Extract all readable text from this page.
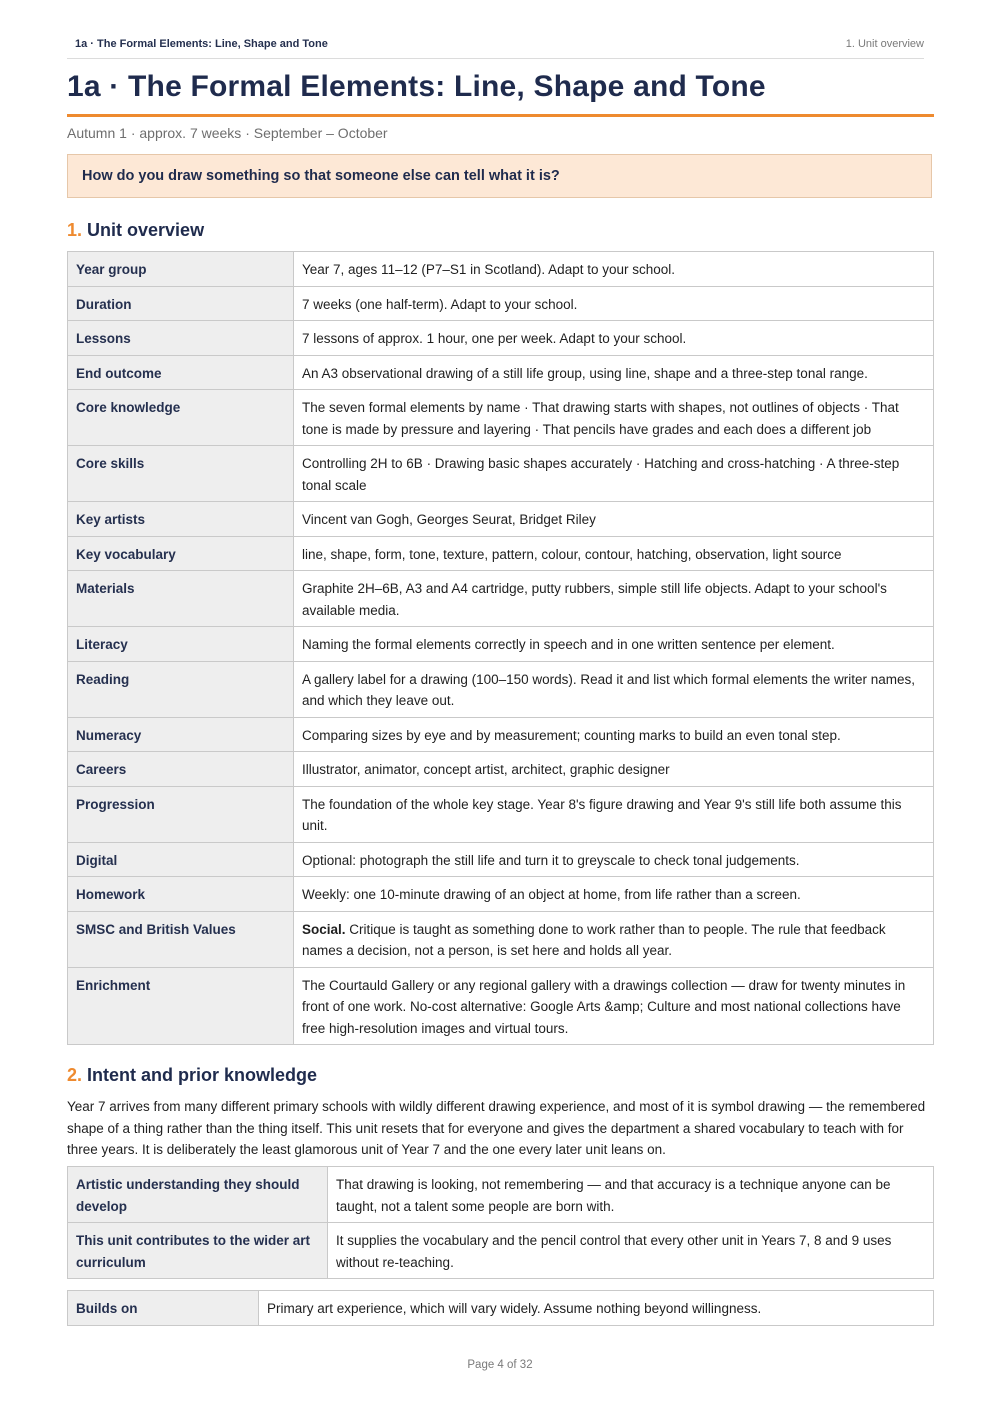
1a · The Formal Elements: Line, Shape and Tone	1. Unit overview
1a · The Formal Elements: Line, Shape and Tone
Autumn 1 · approx. 7 weeks · September – October
How do you draw something so that someone else can tell what it is?
1. Unit overview
Year group	Year 7, ages 11–12 (P7–S1 in Scotland). Adapt to your school.
Duration	7 weeks (one half-term). Adapt to your school.
Lessons	7 lessons of approx. 1 hour, one per week. Adapt to your school.
End outcome	An A3 observational drawing of a still life group, using line, shape and a three-step tonal range.
Core knowledge	The seven formal elements by name · That drawing starts with shapes, not outlines of objects · That tone is made by pressure and layering · That pencils have grades and each does a different job
Core skills	Controlling 2H to 6B · Drawing basic shapes accurately · Hatching and cross-hatching · A three-step tonal scale
Key artists	Vincent van Gogh, Georges Seurat, Bridget Riley
Key vocabulary	line, shape, form, tone, texture, pattern, colour, contour, hatching, observation, light source
Materials	Graphite 2H–6B, A3 and A4 cartridge, putty rubbers, simple still life objects. Adapt to your school's available media.
Literacy	Naming the formal elements correctly in speech and in one written sentence per element.
Reading	A gallery label for a drawing (100–150 words). Read it and list which formal elements the writer names, and which they leave out.
Numeracy	Comparing sizes by eye and by measurement; counting marks to build an even tonal step.
Careers	Illustrator, animator, concept artist, architect, graphic designer
Progression	The foundation of the whole key stage. Year 8's figure drawing and Year 9's still life both assume this unit.
Digital	Optional: photograph the still life and turn it to greyscale to check tonal judgements.
Homework	Weekly: one 10-minute drawing of an object at home, from life rather than a screen.
SMSC and British Values	Social. Critique is taught as something done to work rather than to people. The rule that feedback names a decision, not a person, is set here and holds all year.
Enrichment	The Courtauld Gallery or any regional gallery with a drawings collection — draw for twenty minutes in front of one work. No-cost alternative: Google Arts &amp; Culture and most national collections have free high-resolution images and virtual tours.
2. Intent and prior knowledge
Year 7 arrives from many different primary schools with wildly different drawing experience, and most of it is symbol drawing — the remembered shape of a thing rather than the thing itself. This unit resets that for everyone and gives the department a shared vocabulary to teach with for three years. It is deliberately the least glamorous unit of Year 7 and the one every later unit leans on.
Artistic understanding they should develop	That drawing is looking, not remembering — and that accuracy is a technique anyone can be taught, not a talent some people are born with.
This unit contributes to the wider art curriculum	It supplies the vocabulary and the pencil control that every other unit in Years 7, 8 and 9 uses without re-teaching.
Builds on	Primary art experience, which will vary widely. Assume nothing beyond willingness.
Page 4 of 32
